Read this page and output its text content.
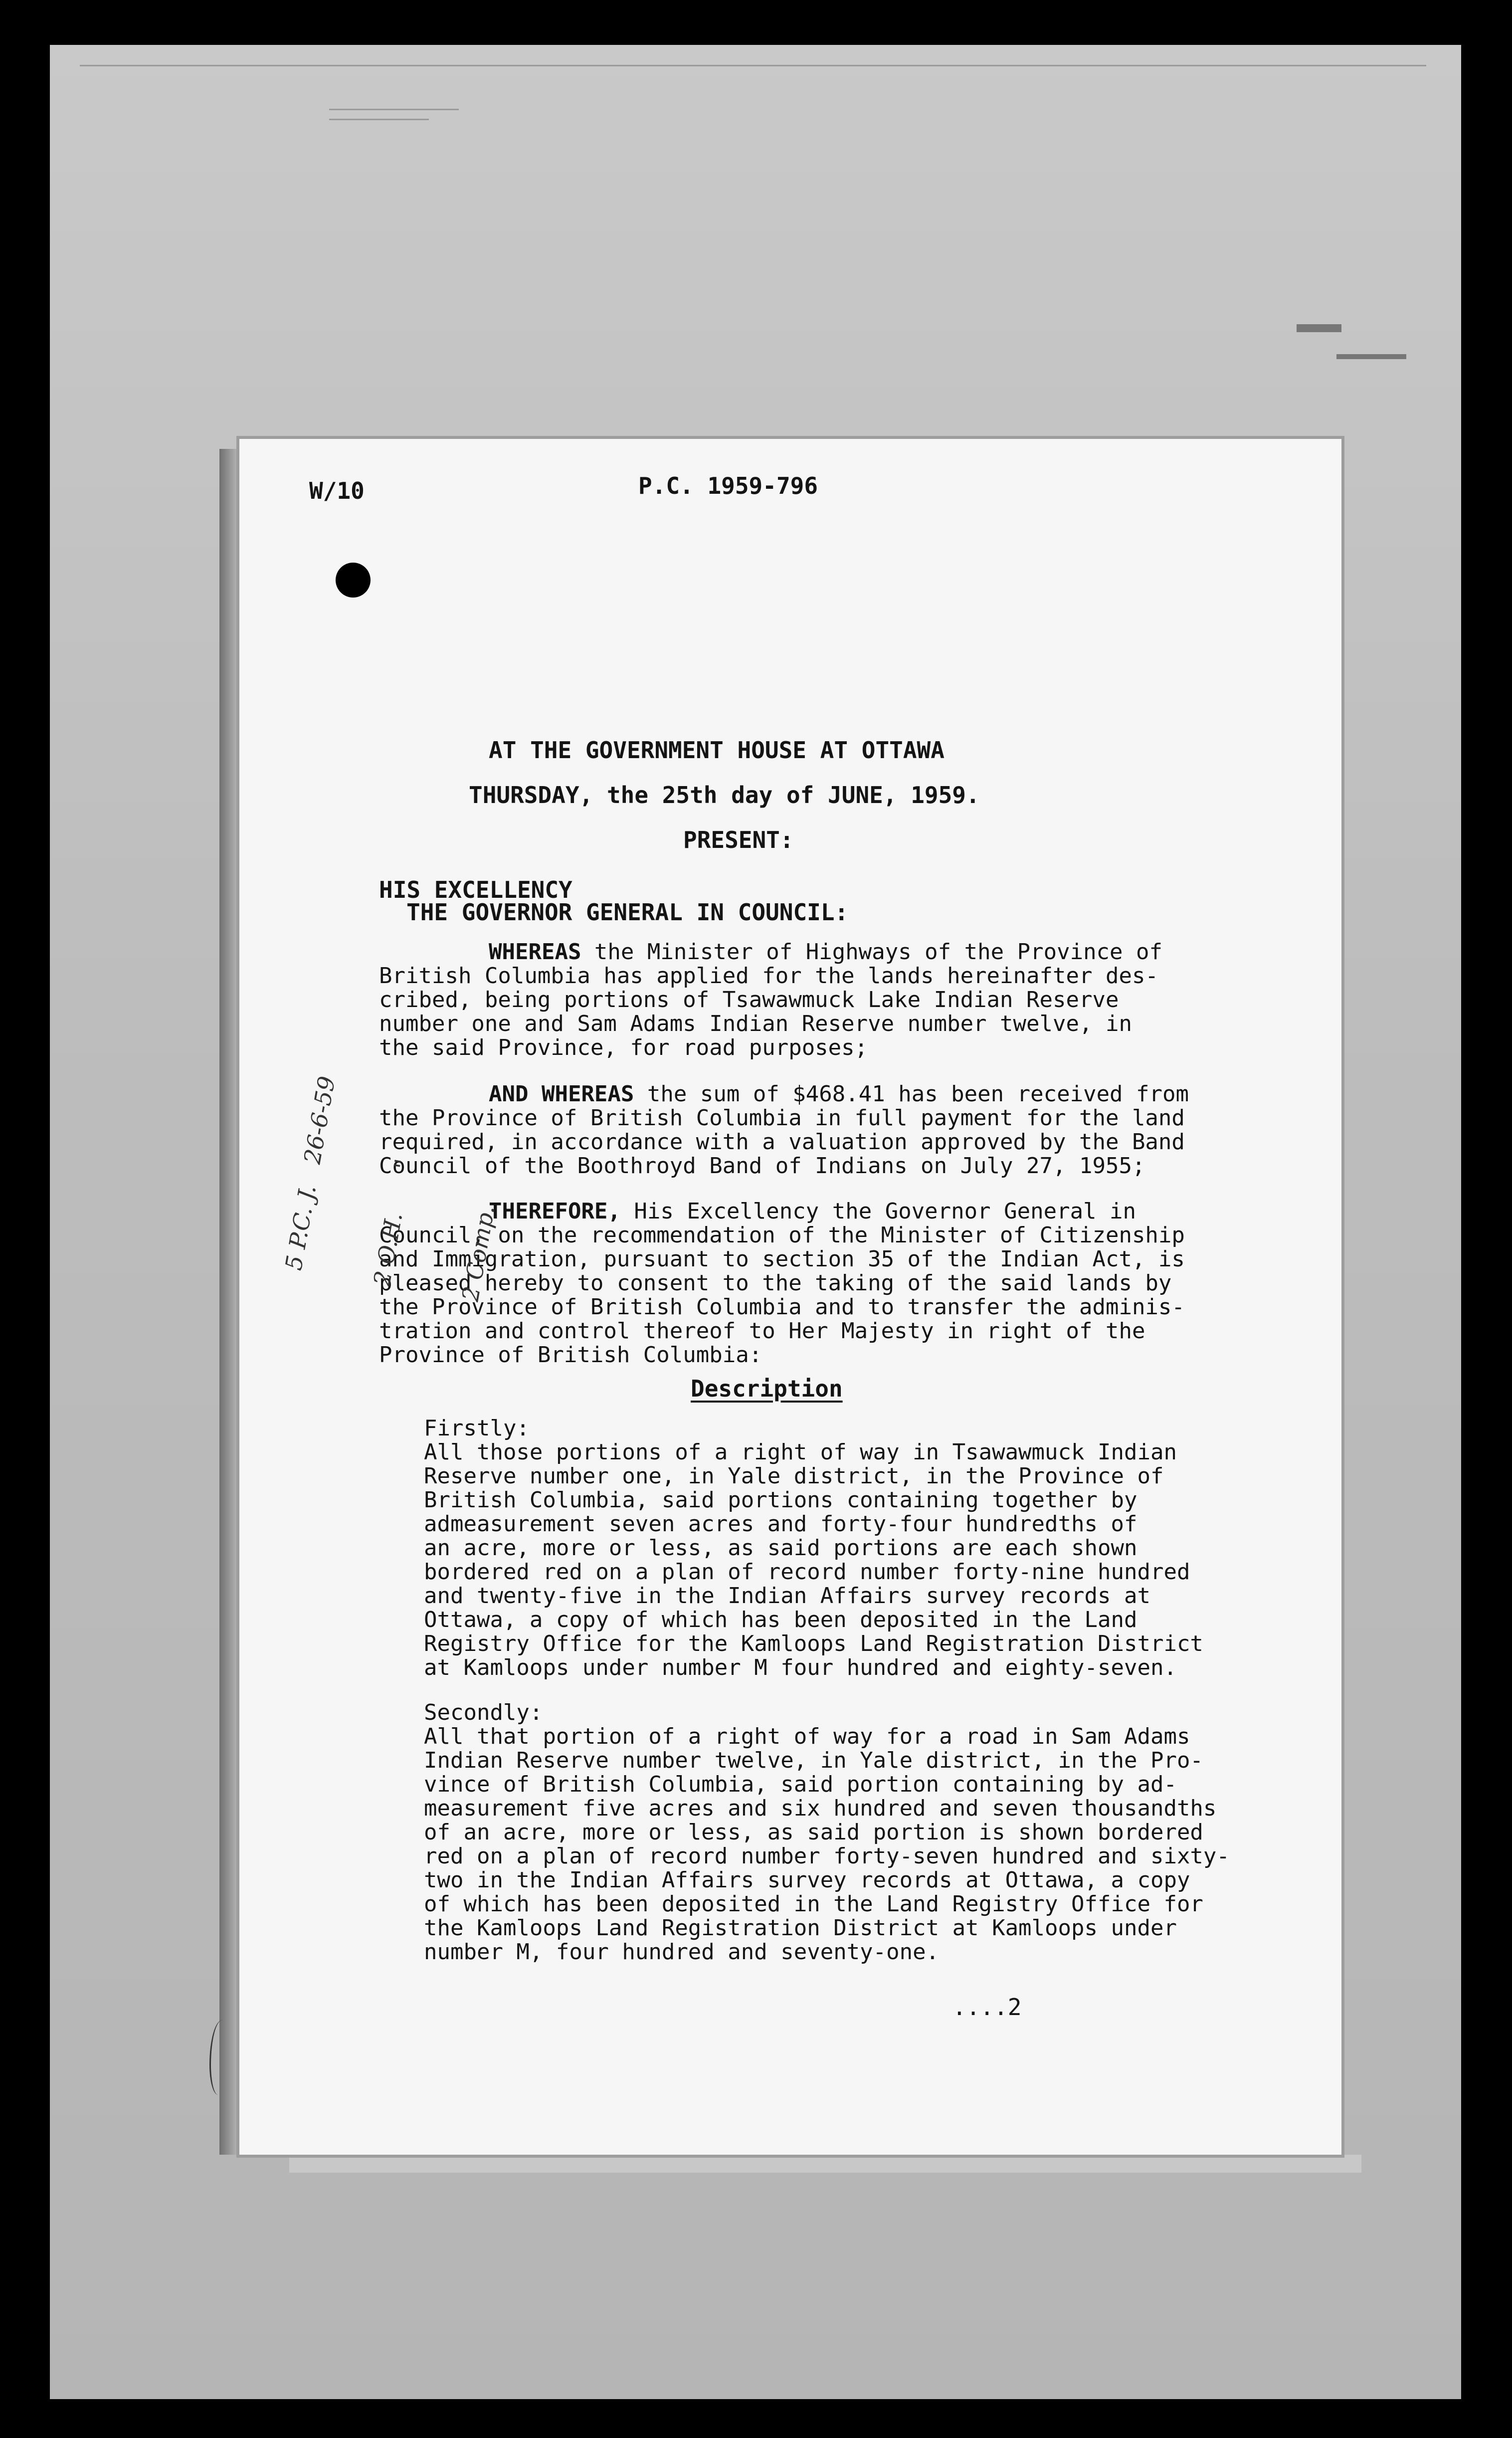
W/10	P.C. 1959-796
AT THE GOVERNMENT HOUSE AT OTTAWA
THURSDAY, the 25th day of JUNE, 1959.
PRESENT:
HIS EXCELLENCY
THE GOVERNOR GENERAL IN COUNCIL:
WHEREAS the Minister of Highways of the Province of
British Columbia has applied for the lands hereinafter des-
cribed, being portions of Tsawawmuck Lake Indian Reserve
number one and Sam Adams Indian Reserve number twelve, in
the said Province, for road purposes;
AND WHEREAS the sum of $468.41 has been received from
the Province of British Columbia in full payment for the land
required, in accordance with a valuation approved by the Band
Council of the Boothroyd Band of Indians on July 27, 1955;
THEREFORE, His Excellency the Governor General in
Council, on the recommendation of the Minister of Citizenship
and Immigration, pursuant to section 35 of the Indian Act, is
pleased hereby to consent to the taking of the said lands by
the Province of British Columbia and to transfer the adminis-
tration and control thereof to Her Majesty in right of the
Province of British Columbia:
Description
Firstly:
All those portions of a right of way in Tsawawmuck Indian
Reserve number one, in Yale district, in the Province of
British Columbia, said portions containing together by
admeasurement seven acres and forty-four hundredths of
an acre, more or less, as said portions are each shown
bordered red on a plan of record number forty-nine hundred
and twenty-five in the Indian Affairs survey records at
Ottawa, a copy of which has been deposited in the Land
Registry Office for the Kamloops Land Registration District
at Kamloops under number M four hundred and eighty-seven.
Secondly:
All that portion of a right of way for a road in Sam Adams
Indian Reserve number twelve, in Yale district, in the Pro-
vince of British Columbia, said portion containing by ad-
measurement five acres and six hundred and seven thousandths
of an acre, more or less, as said portion is shown bordered
red on a plan of record number forty-seven hundred and sixty-
two in the Indian Affairs survey records at Ottawa, a copy
of which has been deposited in the Land Registry Office for
the Kamloops Land Registration District at Kamloops under
number M, four hundred and seventy-one.
....2

5 P.C. J.   26-6-59

2 O.H.      "

	2 Comp.
